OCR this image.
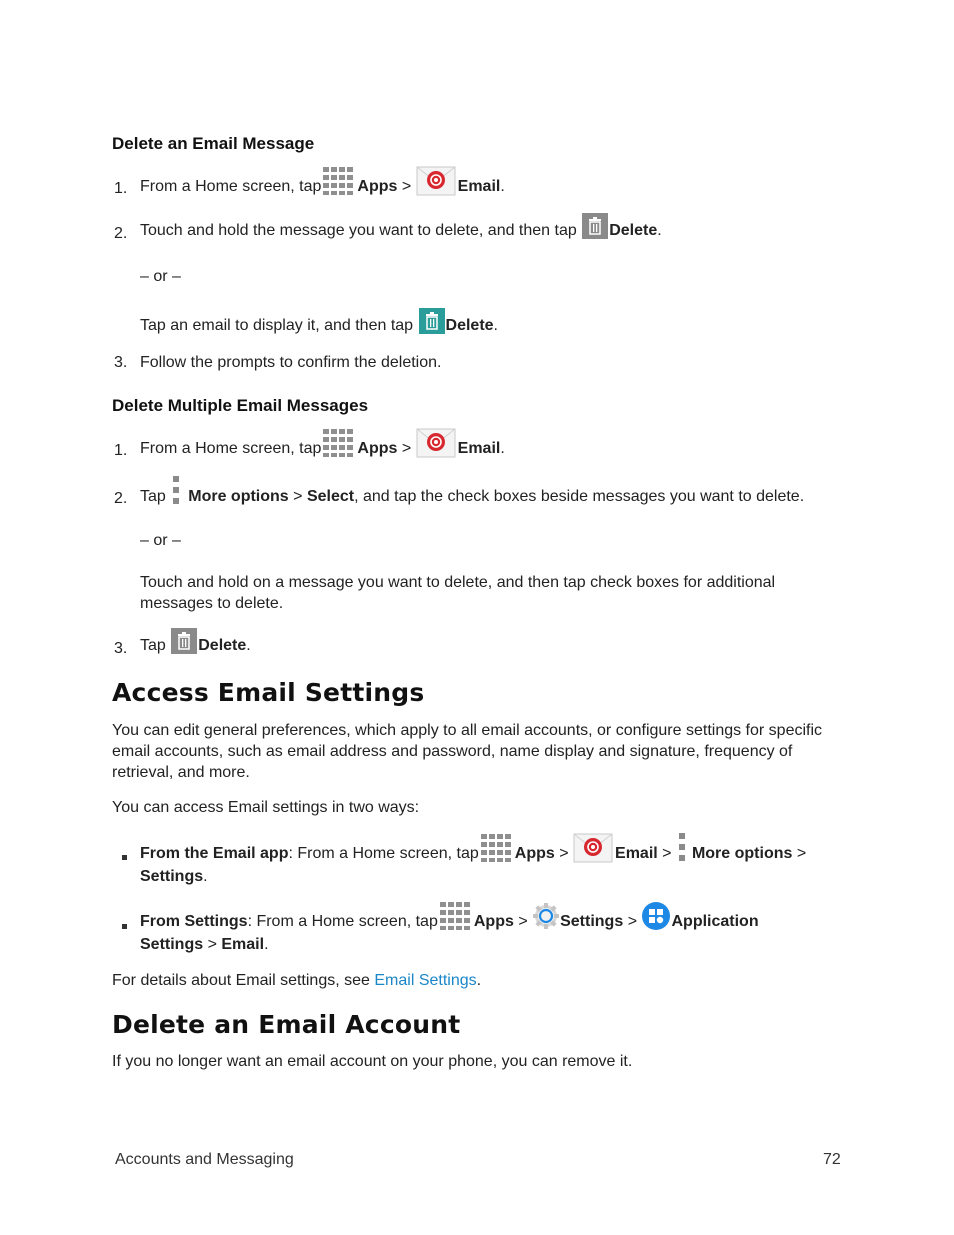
Delete an Email Message
1. From a Home screen, tap Apps >	Email.
2. Touch and hold the message you want to delete, and then tap Delete.
– or –
Tap an email to display it, and then tap Delete.
3. Follow the prompts to confirm the deletion.
Delete Multiple Email Messages
1. From a Home screen, tap Apps >	Email.
2. Tap More options > Select, and tap the check boxes beside messages you want to delete.
– or –
Touch and hold on a message you want to delete, and then tap check boxes for additional messages to delete.
3. Tap Delete.
Access Email Settings
You can edit general preferences, which apply to all email accounts, or configure settings for specific email accounts, such as email address and password, name display and signature, frequency of retrieval, and more.
You can access Email settings in two ways:
From the Email app: From a Home screen, tap Apps >	Email > More options >
Settings.
From Settings: From a Home screen, tap Apps > Settings > Application
Settings > Email.
For details about Email settings, see Email Settings.
Delete an Email Account
If you no longer want an email account on your phone, you can remove it.
Accounts and Messaging	72
